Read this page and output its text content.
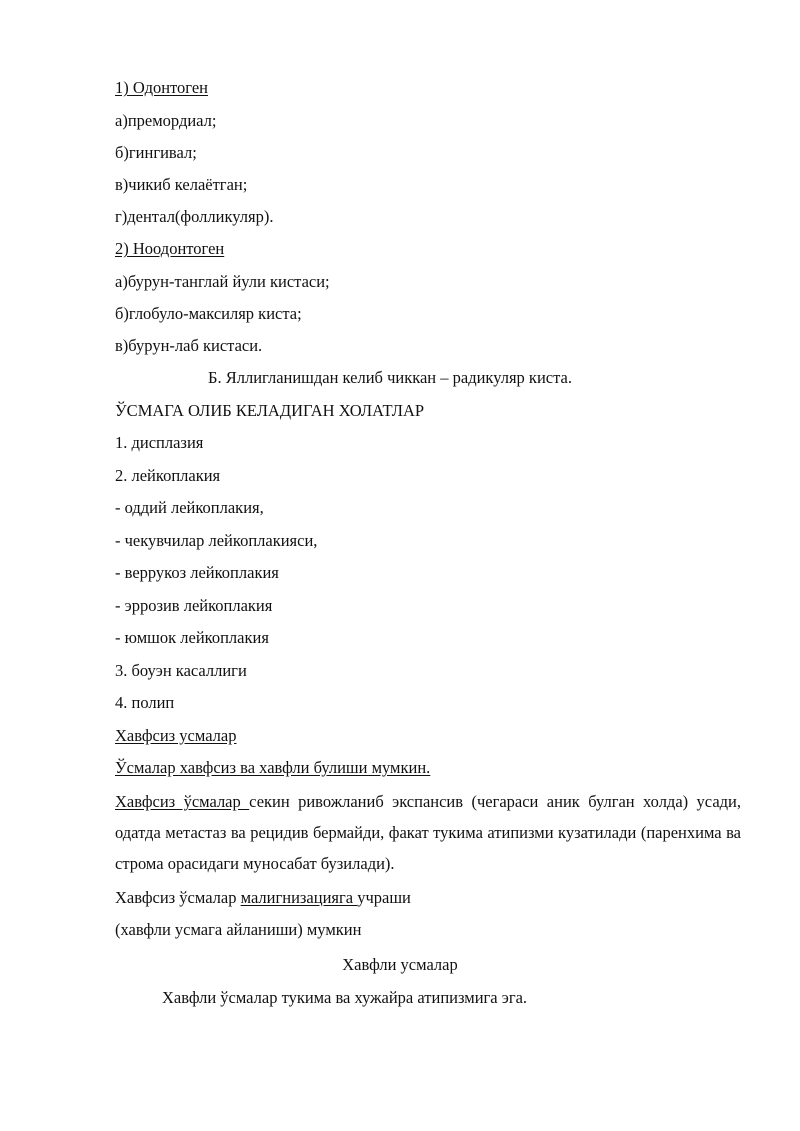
1) Одонтоген
а)премордиал;
б)гингивал;
в)чикиб келаётган;
г)дентал(фолликуляр).
2) Ноодонтоген
а)бурун-танглай йули кистаси;
б)глобуло-максиляр киста;
в)бурун-лаб кистаси.
Б. Яллигланишдан келиб чиккан – радикуляр киста.
ЎСМАГА ОЛИБ КЕЛАДИГАН ХОЛАТЛАР
1. дисплазия
2. лейкоплакия
- оддий лейкоплакия,
- чекувчилар лейкоплакияси,
- веррукоз лейкоплакия
- эррозив лейкоплакия
- юмшок лейкоплакия
3. боуэн касаллиги
4. полип
Хавфсиз усмалар
Ўсмалар хавфсиз ва хавфли булиши мумкин.
Хавфсиз ўсмалар секин ривожланиб экспансив (чегараси аник булган холда) усади, одатда метастаз ва рецидив бермайди, факат тукима атипизми кузатилади (паренхима ва строма орасидаги муносабат бузилади).
Хавфсиз ўсмалар малигнизацияга учраши
(хавфли усмага айланиши) мумкин
Хавфли усмалар
Хавфли ўсмалар тукима ва хужайра атипизмига эга.
